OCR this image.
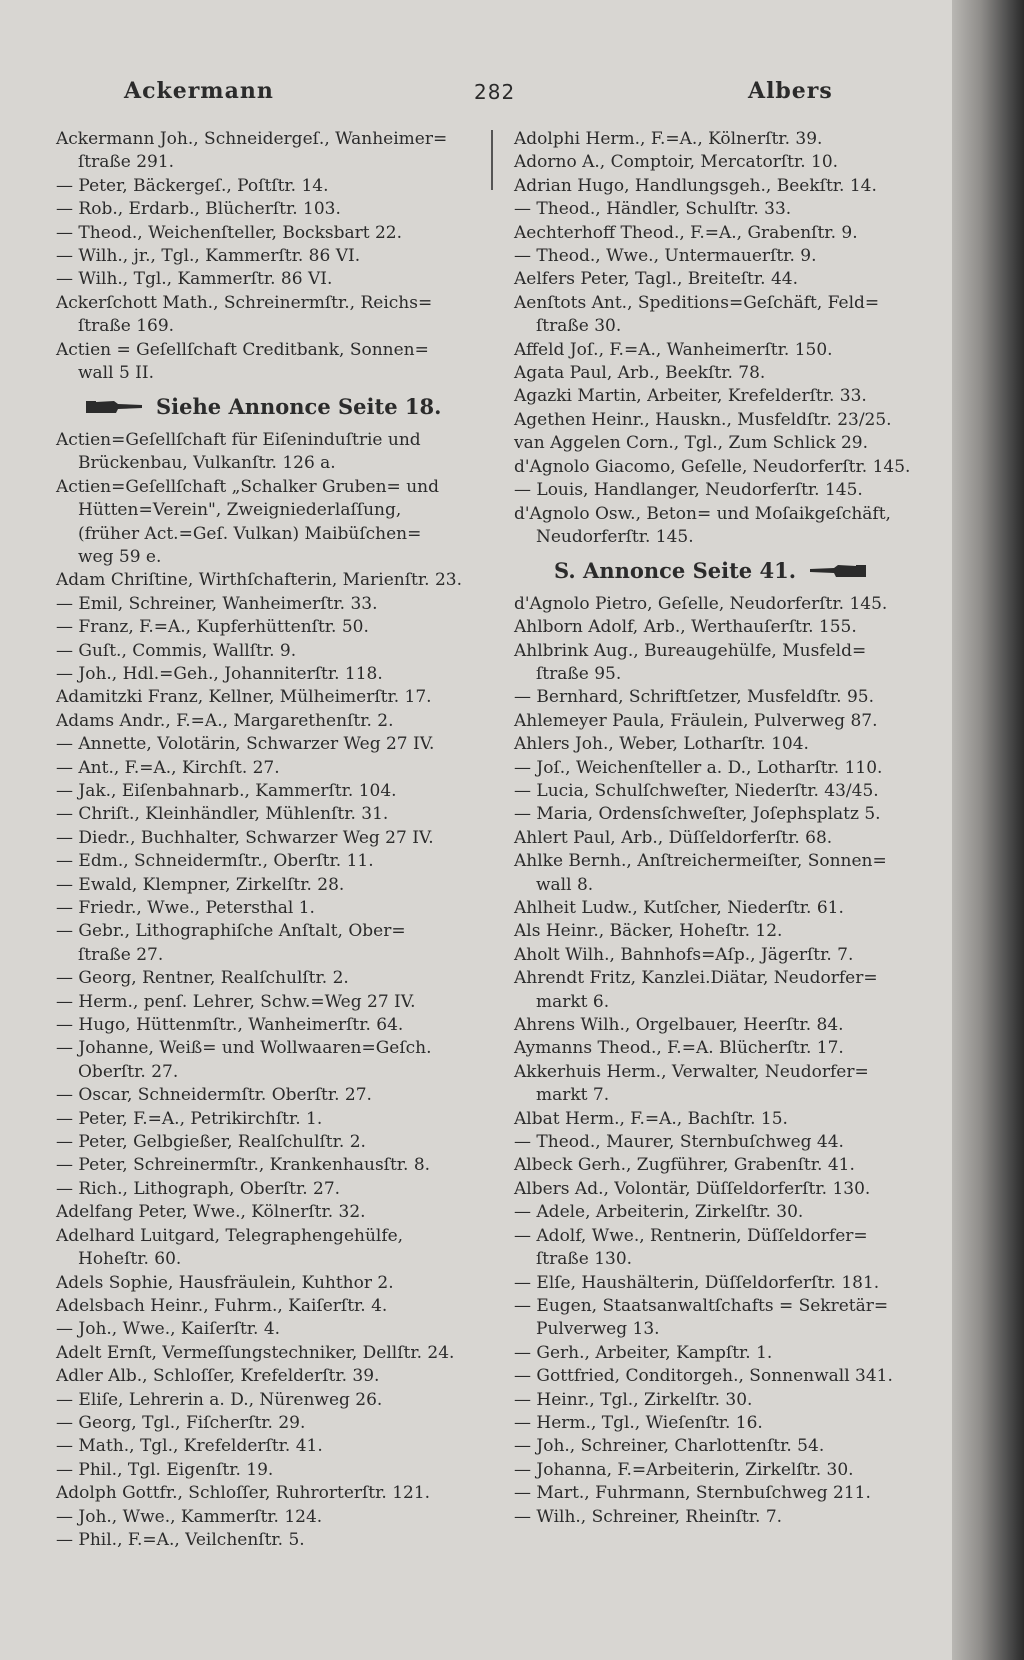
Ackermann	282	Albers
Ackermann Joh., Schneidergeſ., Wanheimer=
ſtraße 291.
— Peter, Bäckergeſ., Poſtſtr. 14.
— Rob., Erdarb., Blücherſtr. 103.
— Theod., Weichenſteller, Bocksbart 22.
— Wilh., jr., Tgl., Kammerſtr. 86 VI.
— Wilh., Tgl., Kammerſtr. 86 VI.
Ackerſchott Math., Schreinermſtr., Reichs=
ſtraße 169.
Actien = Geſellſchaft Creditbank, Sonnen=
wall 5 II.
Siehe Annonce Seite 18.
Actien=Geſellſchaft für Eiſeninduſtrie und
Brückenbau, Vulkanſtr. 126 a.
Actien=Geſellſchaft „Schalker Gruben= und
Hütten=Verein", Zweigniederlaſſung,
(früher Act.=Geſ. Vulkan) Maibüſchen=
weg 59 e.
Adam Chriſtine, Wirthſchafterin, Marienſtr. 23.
— Emil, Schreiner, Wanheimerſtr. 33.
— Franz, F.=A., Kupferhüttenſtr. 50.
— Guſt., Commis, Wallſtr. 9.
— Joh., Hdl.=Geh., Johanniterſtr. 118.
Adamitzki Franz, Kellner, Mülheimerſtr. 17.
Adams Andr., F.=A., Margarethenſtr. 2.
— Annette, Volotärin, Schwarzer Weg 27 IV.
— Ant., F.=A., Kirchſt. 27.
— Jak., Eiſenbahnarb., Kammerſtr. 104.
— Chriſt., Kleinhändler, Mühlenſtr. 31.
— Diedr., Buchhalter, Schwarzer Weg 27 IV.
— Edm., Schneidermſtr., Oberſtr. 11.
— Ewald, Klempner, Zirkelſtr. 28.
— Friedr., Wwe., Petersthal 1.
— Gebr., Lithographiſche Anſtalt, Ober=
ſtraße 27.
— Georg, Rentner, Realſchulſtr. 2.
— Herm., penſ. Lehrer, Schw.=Weg 27 IV.
— Hugo, Hüttenmſtr., Wanheimerſtr. 64.
— Johanne, Weiß= und Wollwaaren=Geſch.
Oberſtr. 27.
— Oscar, Schneidermſtr. Oberſtr. 27.
— Peter, F.=A., Petrikirchſtr. 1.
— Peter, Gelbgießer, Realſchulſtr. 2.
— Peter, Schreinermſtr., Krankenhausſtr. 8.
— Rich., Lithograph, Oberſtr. 27.
Adelfang Peter, Wwe., Kölnerſtr. 32.
Adelhard Luitgard, Telegraphengehülfe,
Hoheſtr. 60.
Adels Sophie, Hausfräulein, Kuhthor 2.
Adelsbach Heinr., Fuhrm., Kaiſerſtr. 4.
— Joh., Wwe., Kaiſerſtr. 4.
Adelt Ernſt, Vermeſſungstechniker, Dellſtr. 24.
Adler Alb., Schloſſer, Krefelderſtr. 39.
— Eliſe, Lehrerin a. D., Nürenweg 26.
— Georg, Tgl., Fiſcherſtr. 29.
— Math., Tgl., Krefelderſtr. 41.
— Phil., Tgl. Eigenſtr. 19.
Adolph Gottfr., Schloſſer, Ruhrorterſtr. 121.
— Joh., Wwe., Kammerſtr. 124.
— Phil., F.=A., Veilchenſtr. 5.
Adolphi Herm., F.=A., Kölnerſtr. 39.
Adorno A., Comptoir, Mercatorſtr. 10.
Adrian Hugo, Handlungsgeh., Beekſtr. 14.
— Theod., Händler, Schulſtr. 33.
Aechterhoff Theod., F.=A., Grabenſtr. 9.
— Theod., Wwe., Untermauerſtr. 9.
Aelfers Peter, Tagl., Breiteſtr. 44.
Aenſtots Ant., Speditions=Geſchäft, Feld=
ſtraße 30.
Affeld Joſ., F.=A., Wanheimerſtr. 150.
Agata Paul, Arb., Beekſtr. 78.
Agazki Martin, Arbeiter, Krefelderſtr. 33.
Agethen Heinr., Hauskn., Musfeldſtr. 23/25.
van Aggelen Corn., Tgl., Zum Schlick 29.
d'Agnolo Giacomo, Geſelle, Neudorferſtr. 145.
— Louis, Handlanger, Neudorferſtr. 145.
d'Agnolo Osw., Beton= und Moſaikgeſchäft,
Neudorferſtr. 145.
S. Annonce Seite 41.
d'Agnolo Pietro, Geſelle, Neudorferſtr. 145.
Ahlborn Adolf, Arb., Werthauſerſtr. 155.
Ahlbrink Aug., Bureaugehülfe, Musfeld=
ſtraße 95.
— Bernhard, Schriftſetzer, Musfeldſtr. 95.
Ahlemeyer Paula, Fräulein, Pulverweg 87.
Ahlers Joh., Weber, Lotharſtr. 104.
— Joſ., Weichenſteller a. D., Lotharſtr. 110.
— Lucia, Schulſchweſter, Niederſtr. 43/45.
— Maria, Ordensſchweſter, Joſephsplatz 5.
Ahlert Paul, Arb., Düſſeldorferſtr. 68.
Ahlke Bernh., Anſtreichermeiſter, Sonnen=
wall 8.
Ahlheit Ludw., Kutſcher, Niederſtr. 61.
Als Heinr., Bäcker, Hoheſtr. 12.
Aholt Wilh., Bahnhofs=Aſp., Jägerſtr. 7.
Ahrendt Fritz, Kanzlei.Diätar, Neudorfer=
markt 6.
Ahrens Wilh., Orgelbauer, Heerſtr. 84.
Aymanns Theod., F.=A. Blücherſtr. 17.
Akkerhuis Herm., Verwalter, Neudorfer=
markt 7.
Albat Herm., F.=A., Bachſtr. 15.
— Theod., Maurer, Sternbuſchweg 44.
Albeck Gerh., Zugführer, Grabenſtr. 41.
Albers Ad., Volontär, Düſſeldorferſtr. 130.
— Adele, Arbeiterin, Zirkelſtr. 30.
— Adolf, Wwe., Rentnerin, Düſſeldorfer=
ſtraße 130.
— Elſe, Haushälterin, Düſſeldorferſtr. 181.
— Eugen, Staatsanwaltſchafts = Sekretär=
Pulverweg 13.
— Gerh., Arbeiter, Kampſtr. 1.
— Gottfried, Conditorgeh., Sonnenwall 341.
— Heinr., Tgl., Zirkelſtr. 30.
— Herm., Tgl., Wieſenſtr. 16.
— Joh., Schreiner, Charlottenſtr. 54.
— Johanna, F.=Arbeiterin, Zirkelſtr. 30.
— Mart., Fuhrmann, Sternbuſchweg 211.
— Wilh., Schreiner, Rheinſtr. 7.
